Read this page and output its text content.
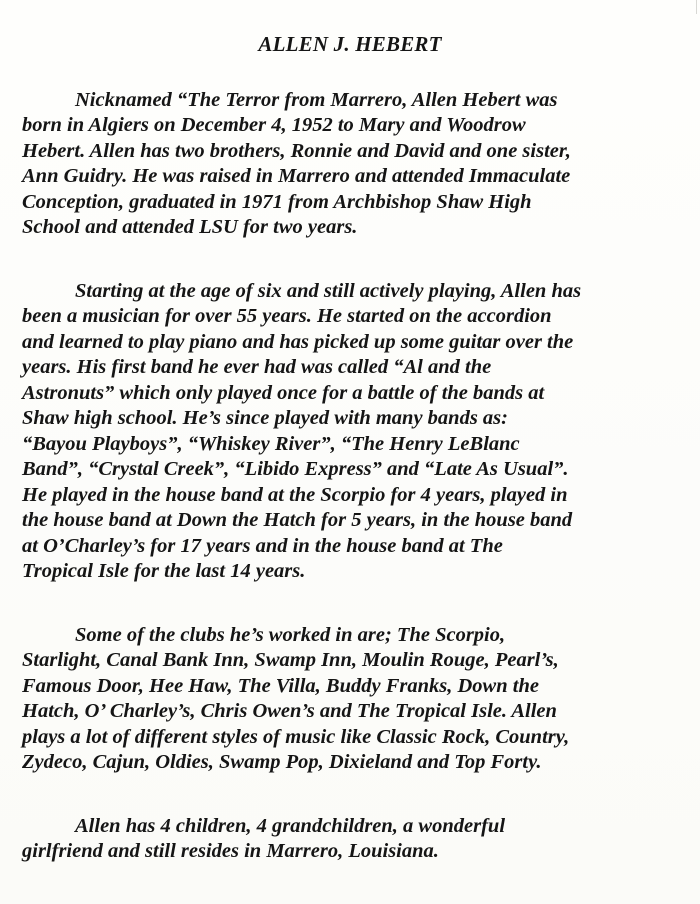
ALLEN J. HEBERT
Nicknamed “The Terror from Marrero, Allen Hebert was
born in Algiers on December 4, 1952 to Mary and Woodrow
Hebert. Allen has two brothers, Ronnie and David and one sister,
Ann Guidry. He was raised in Marrero and attended Immaculate
Conception, graduated in 1971 from Archbishop Shaw High
School and attended LSU for two years.
Starting at the age of six and still actively playing, Allen has
been a musician for over 55 years. He started on the accordion
and learned to play piano and has picked up some guitar over the
years. His first band he ever had was called “Al and the
Astronuts” which only played once for a battle of the bands at
Shaw high school. He’s since played with many bands as:
“Bayou Playboys”, “Whiskey River”, “The Henry LeBlanc
Band”, “Crystal Creek”, “Libido Express” and “Late As Usual”.
He played in the house band at the Scorpio for 4 years, played in
the house band at Down the Hatch for 5 years, in the house band
at O’Charley’s for 17 years and in the house band at The
Tropical Isle for the last 14 years.
Some of the clubs he’s worked in are; The Scorpio,
Starlight, Canal Bank Inn, Swamp Inn, Moulin Rouge, Pearl’s,
Famous Door, Hee Haw, The Villa, Buddy Franks, Down the
Hatch, O’ Charley’s, Chris Owen’s and The Tropical Isle. Allen
plays a lot of different styles of music like Classic Rock, Country,
Zydeco, Cajun, Oldies, Swamp Pop, Dixieland and Top Forty.
Allen has 4 children, 4 grandchildren, a wonderful
girlfriend and still resides in Marrero, Louisiana.
